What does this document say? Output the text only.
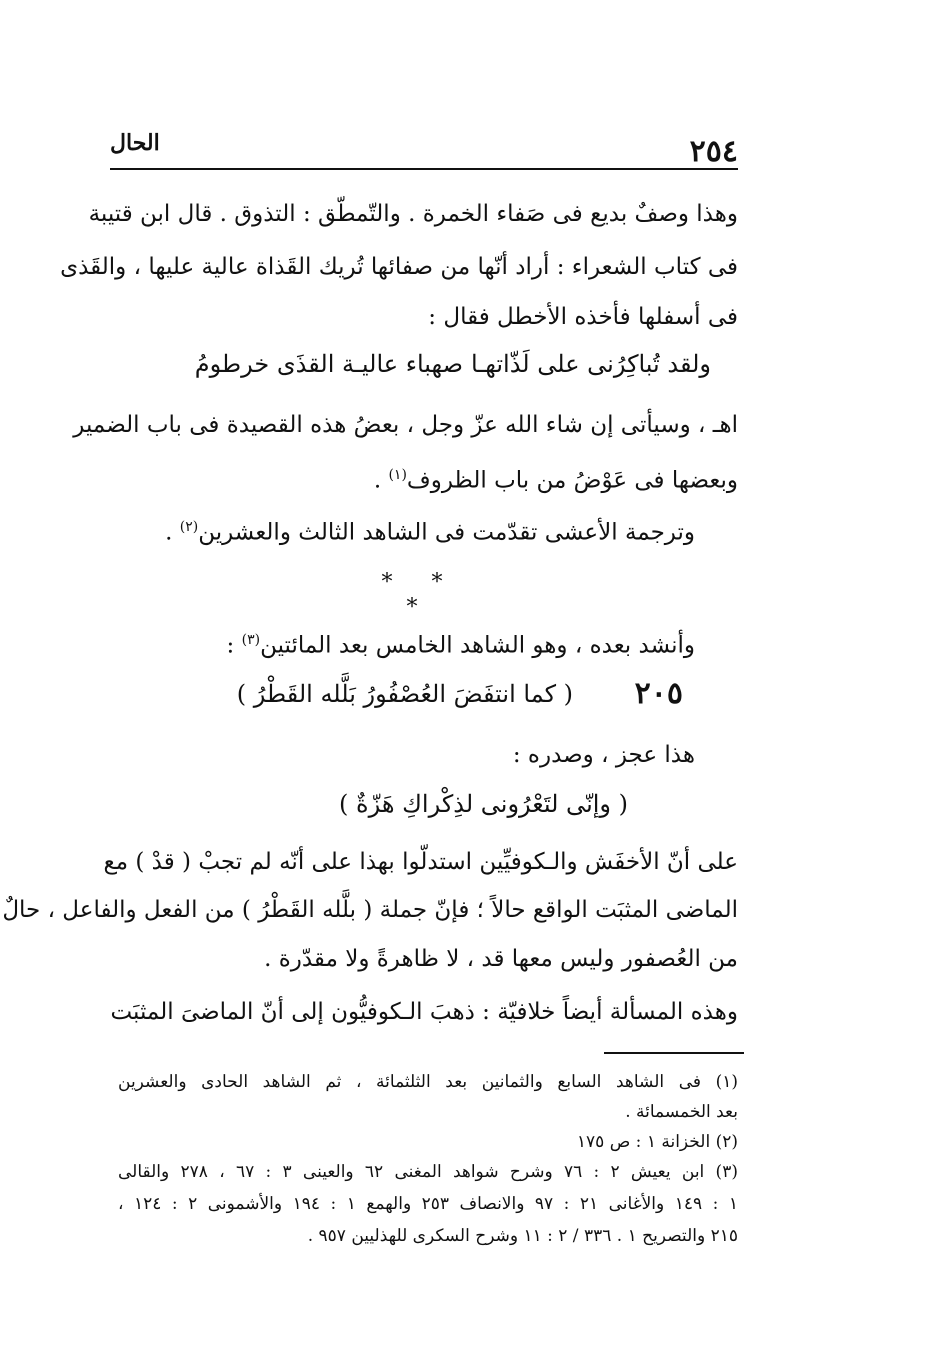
٢٥٤
الحال
وهذا وصفٌ بديع فى صَفاء الخمرة . والتّمطّق : التذوق . قال ابن قتيبة
فى كتاب الشعراء : أراد أنّها من صفائها تُريك القَذاة عالية عليها ، والقَذى
فى أسفلها فأخذه الأخطل فقال :
ولقد تُباكِرُنى على لَذّاتهـا
صهباء عاليـة القذَى خرطومُ
اهـ ، وسيأتى إن شاء الله عزّ وجل ، بعضُ هذه القصيدة فى باب الضمير
وبعضها فى عَوْضُ من باب الظروف$^{(١)}$ .
وترجمة الأعشى تقدّمت فى الشاهد الثالث والعشرين$^{(٢)}$ .
* * *
وأنشد بعده ، وهو الشاهد الخامس بعد المائتين$^{(٣)}$ :
٢٠٥
( كما انتفَضَ العُصْفُورُ بَلَّله القَطْرُ )
هذا عجز ، وصدره :
( وإنّى لتَعْرُونى لذِكْراكِ هَزّةٌ )
على أنّ الأخفَش والـكوفيِّين استدلّوا بهذا على أنّه لم تجبْ ( قدْ ) مع
الماضى المثبَت الواقع حالاً ؛ فإنّ جملة ( بلَّله القَطْرُ ) من الفعل والفاعل ، حالٌ
من العُصفور وليس معها قد ، لا ظاهرةً ولا مقدّرة .
وهذه المسألة أيضاً خلافيّة : ذهبَ الـكوفيُّون إلى أنّ الماضىَ المثبَت
(١) فى الشاهد السابع والثمانين بعد الثلثمائة ، ثم الشاهد الحادى والعشرين
بعد الخمسمائة .
(٢) الخزانة ١ : ص ١٧٥
(٣) ابن يعيش ٢ : ٧٦ وشرح شواهد المغنى ٦٢ والعينى ٣ : ٦٧ ، ٢٧٨ والقالى
١ : ١٤٩ والأغانى ٢١ : ٩٧ والانصاف ٢٥٣ والهمع ١ : ١٩٤ والأشمونى ٢ : ١٢٤ ،
٢١٥ والتصريح ١ . ٣٣٦ / ٢ : ١١ وشرح السكرى للهذليين ٩٥٧ .
